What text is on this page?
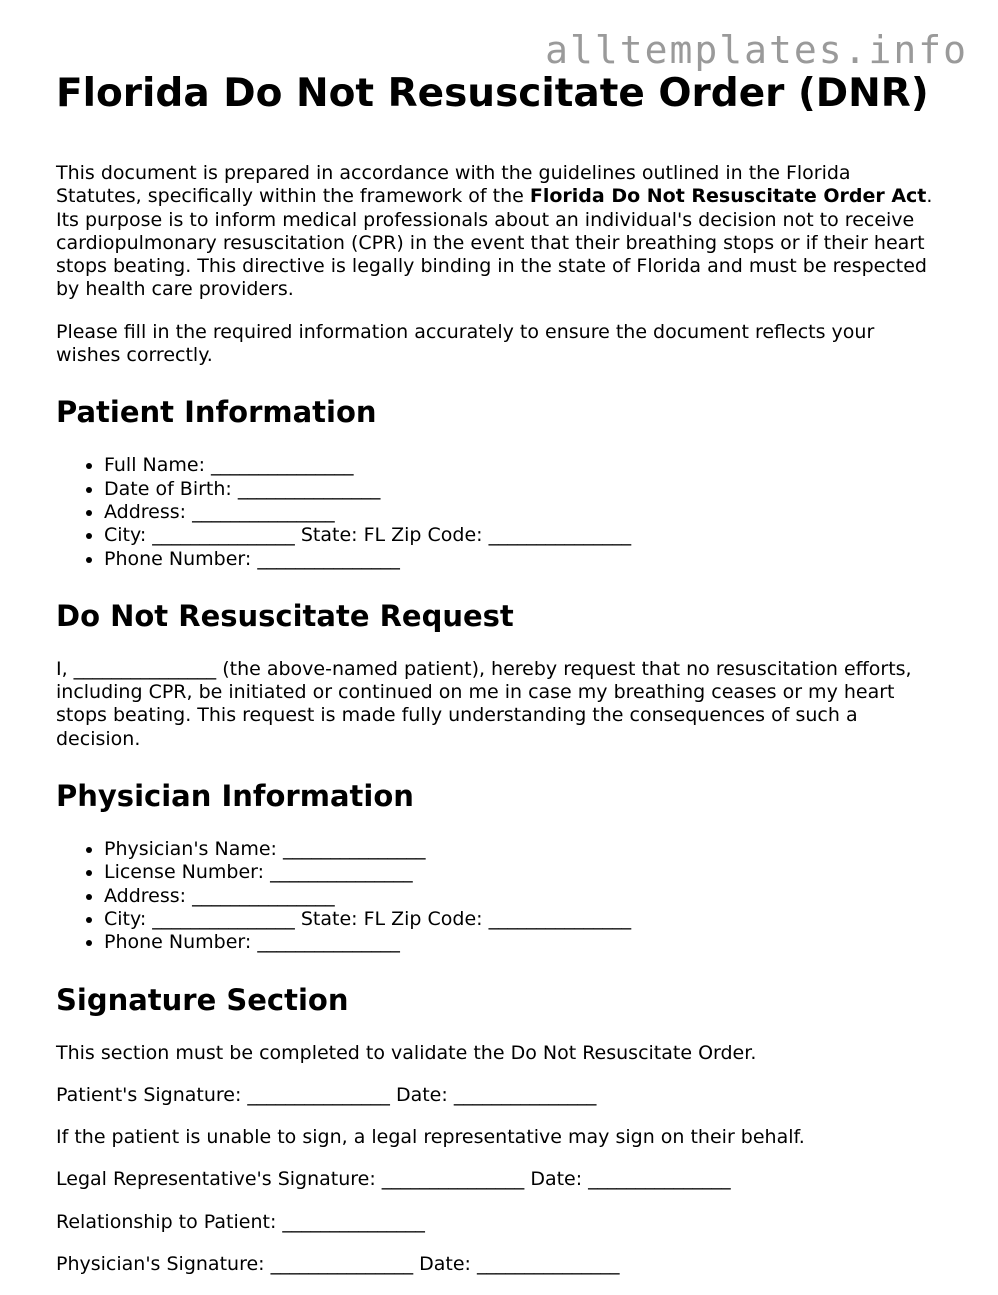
alltemplates.info
Florida Do Not Resuscitate Order (DNR)

This document is prepared in accordance with the guidelines outlined in the Florida Statutes, specifically within the framework of the Florida Do Not Resuscitate Order Act. Its purpose is to inform medical professionals about an individual's decision not to receive cardiopulmonary resuscitation (CPR) in the event that their breathing stops or if their heart stops beating. This directive is legally binding in the state of Florida and must be respected by health care providers.

Please fill in the required information accurately to ensure the document reflects your wishes correctly.

Patient Information
• Full Name: _______________
• Date of Birth: _______________
• Address: _______________
• City: _______________ State: FL Zip Code: _______________
• Phone Number: _______________
Do Not Resuscitate Request

I, _______________ (the above-named patient), hereby request that no resuscitation efforts, including CPR, be initiated or continued on me in case my breathing ceases or my heart stops beating. This request is made fully understanding the consequences of such a decision.

Physician Information
• Physician's Name: _______________
• License Number: _______________
• Address: _______________
• City: _______________ State: FL Zip Code: _______________
• Phone Number: _______________
Signature Section

This section must be completed to validate the Do Not Resuscitate Order.

Patient's Signature: _______________ Date: _______________

If the patient is unable to sign, a legal representative may sign on their behalf.

Legal Representative's Signature: _______________ Date: _______________

Relationship to Patient: _______________

Physician's Signature: _______________ Date: _______________
